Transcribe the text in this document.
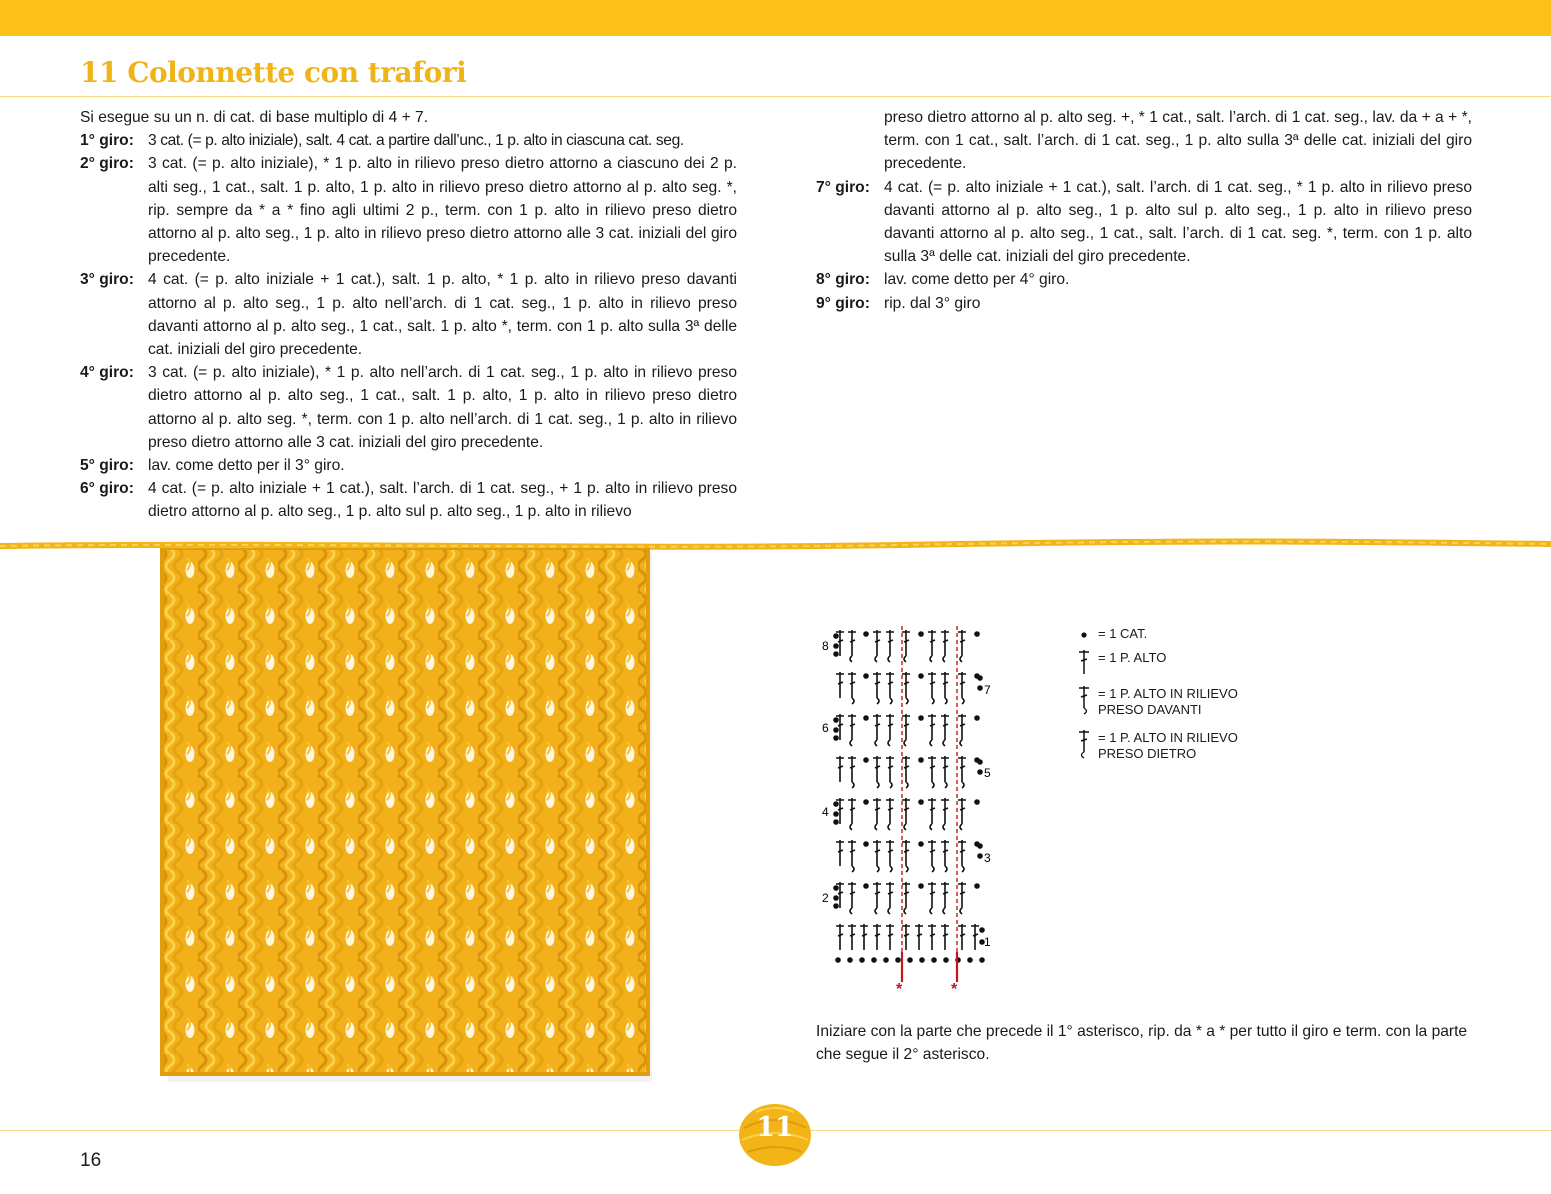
11 Colonnette con trafori
Si esegue su un n. di cat. di base multiplo di 4 + 7.
1° giro: 3 cat. (= p. alto iniziale), salt. 4 cat. a partire dall’unc., 1 p. alto in ciascuna cat. seg.
2° giro: 3 cat. (= p. alto iniziale), * 1 p. alto in rilievo preso dietro attorno a ciascuno dei 2 p. alti seg., 1 cat., salt. 1 p. alto, 1 p. alto in rilievo preso dietro attorno al p. alto seg. *, rip. sempre da * a * fino agli ultimi 2 p., term. con 1 p. alto in rilievo preso dietro attorno al p. alto seg., 1 p. alto in rilievo preso dietro attorno alle 3 cat. iniziali del giro precedente.
3° giro: 4 cat. (= p. alto iniziale + 1 cat.), salt. 1 p. alto, * 1 p. alto in rilievo preso davanti attorno al p. alto seg., 1 p. alto nell’arch. di 1 cat. seg., 1 p. alto in rilievo preso davanti attorno al p. alto seg., 1 cat., salt. 1 p. alto *, term. con 1 p. alto sulla 3ª delle cat. iniziali del giro precedente.
4° giro: 3 cat. (= p. alto iniziale), * 1 p. alto nell’arch. di 1 cat. seg., 1 p. alto in rilievo preso dietro attorno al p. alto seg., 1 cat., salt. 1 p. alto, 1 p. alto in rilievo preso dietro attorno al p. alto seg. *, term. con 1 p. alto nell’arch. di 1 cat. seg., 1 p. alto in rilievo preso dietro attorno alle 3 cat. iniziali del giro precedente.
5° giro: lav. come detto per il 3° giro.
6° giro: 4 cat. (= p. alto iniziale + 1 cat.), salt. l’arch. di 1 cat. seg., + 1 p. alto in rilievo preso dietro attorno al p. alto seg., 1 p. alto sul p. alto seg., 1 p. alto in rilievo
preso dietro attorno al p. alto seg. +, * 1 cat., salt. l’arch. di 1 cat. seg., lav. da + a + *, term. con 1 cat., salt. l’arch. di 1 cat. seg., 1 p. alto sulla 3ª delle cat. iniziali del giro precedente.
7° giro: 4 cat. (= p. alto iniziale + 1 cat.), salt. l’arch. di 1 cat. seg., * 1 p. alto in rilievo preso davanti attorno al p. alto seg., 1 p. alto sul p. alto seg., 1 p. alto in rilievo preso davanti attorno al p. alto seg., 1 cat., salt. l’arch. di 1 cat. seg. *, term. con 1 p. alto sulla 3ª delle cat. iniziali del giro precedente.
8° giro: lav. come detto per 4° giro.
9° giro: rip. dal 3° giro
8
6
4
2
7
5
3
1
*	*
= 1 CAT.
= 1 P. ALTO
= 1 P. ALTO IN RILIEVO PRESO DAVANTI
= 1 P. ALTO IN RILIEVO PRESO DIETRO
Iniziare con la parte che precede il 1° asterisco, rip. da * a * per tutto il giro e term. con la parte che segue il 2° asterisco.
11
16
